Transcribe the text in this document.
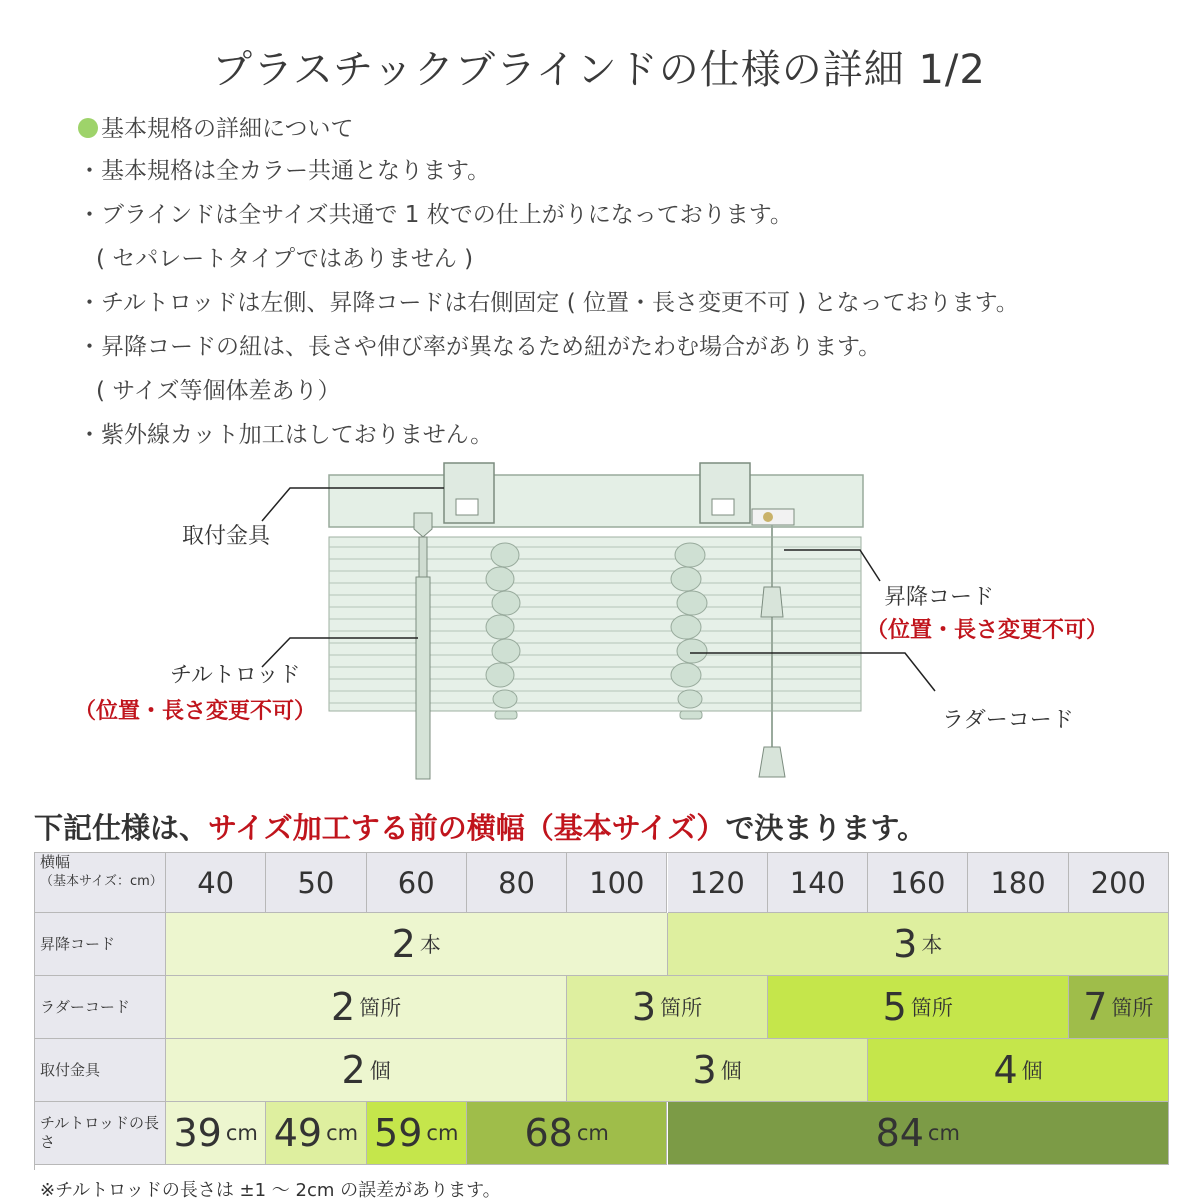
プラスチックブラインドの仕様の詳細 1/2
基本規格の詳細について
・基本規格は全カラー共通となります。
・ブラインドは全サイズ共通で 1 枚での仕上がりになっております。
( セパレートタイプではありません )
・チルトロッドは左側、昇降コードは右側固定 ( 位置・長さ変更不可 ) となっております。
・昇降コードの紐は、長さや伸び率が異なるため紐がたわむ場合があります。
( サイズ等個体差あり）
・紫外線カット加工はしておりません。
取付金具
昇降コード
（位置・長さ変更不可）
チルトロッド
（位置・長さ変更不可）	ラダーコード
下記仕様は、サイズ加工する前の横幅（基本サイズ）で決まります。
横幅
（基本サイズ：cm）	40	50	60	80	100	120	140	160	180	200
昇降コード	2 本	3 本
ラダーコード	2 箇所	3 箇所	5 箇所	7 箇所
取付金具	2 個	3 個	4 個
チルトロッドの長さ	39 cm 49 cm 59 cm 68 cm	84 cm
※チルトロッドの長さは ±1 ～ 2cm の誤差があります。
